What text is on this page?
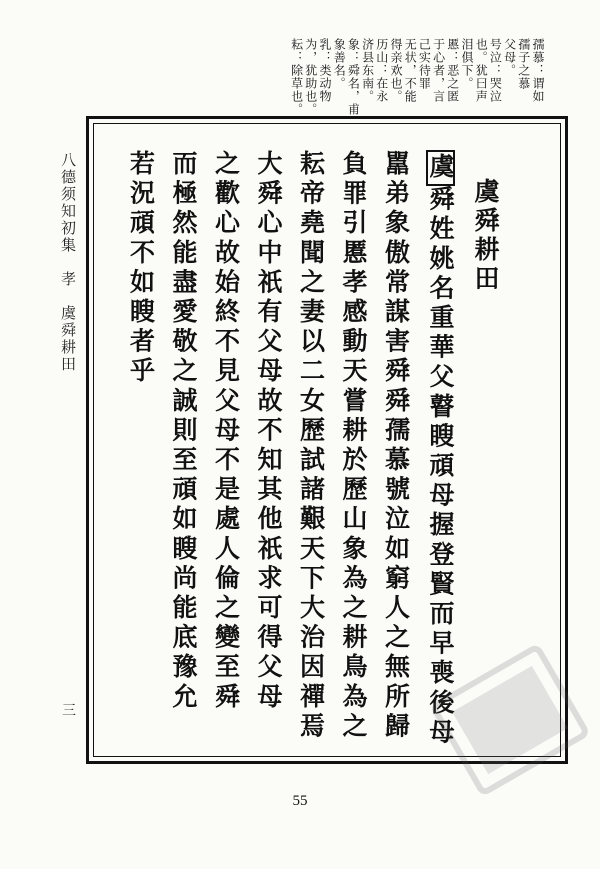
八德须知初集　孝　虞舜耕田
三
孺慕：谓如
孺子之慕
父母。
号泣：哭泣
也。犹曰声
泪俱下。
慝：恶之匿
于心者，言
己实待罪
无状，不能
得亲欢也。
历山：在永
济县东南。
象：舜名，甫
象善名。
乳：类动物
为，犹助也。
耘：除草也。
虞舜耕田
虞舜姓姚名重華父瞽瞍頑母握登賢而早喪後母
嚚弟象傲常謀害舜舜孺慕號泣如窮人之無所歸
負罪引慝孝感動天嘗耕於歷山象為之耕鳥為之
耘帝堯聞之妻以二女歷試諸艱天下大治因禪焉
大舜心中祇有父母故不知其他祇求可得父母
之歡心故始終不見父母不是處人倫之變至舜
而極然能盡愛敬之誠則至頑如瞍尚能底豫允
若況頑不如瞍者乎
55
